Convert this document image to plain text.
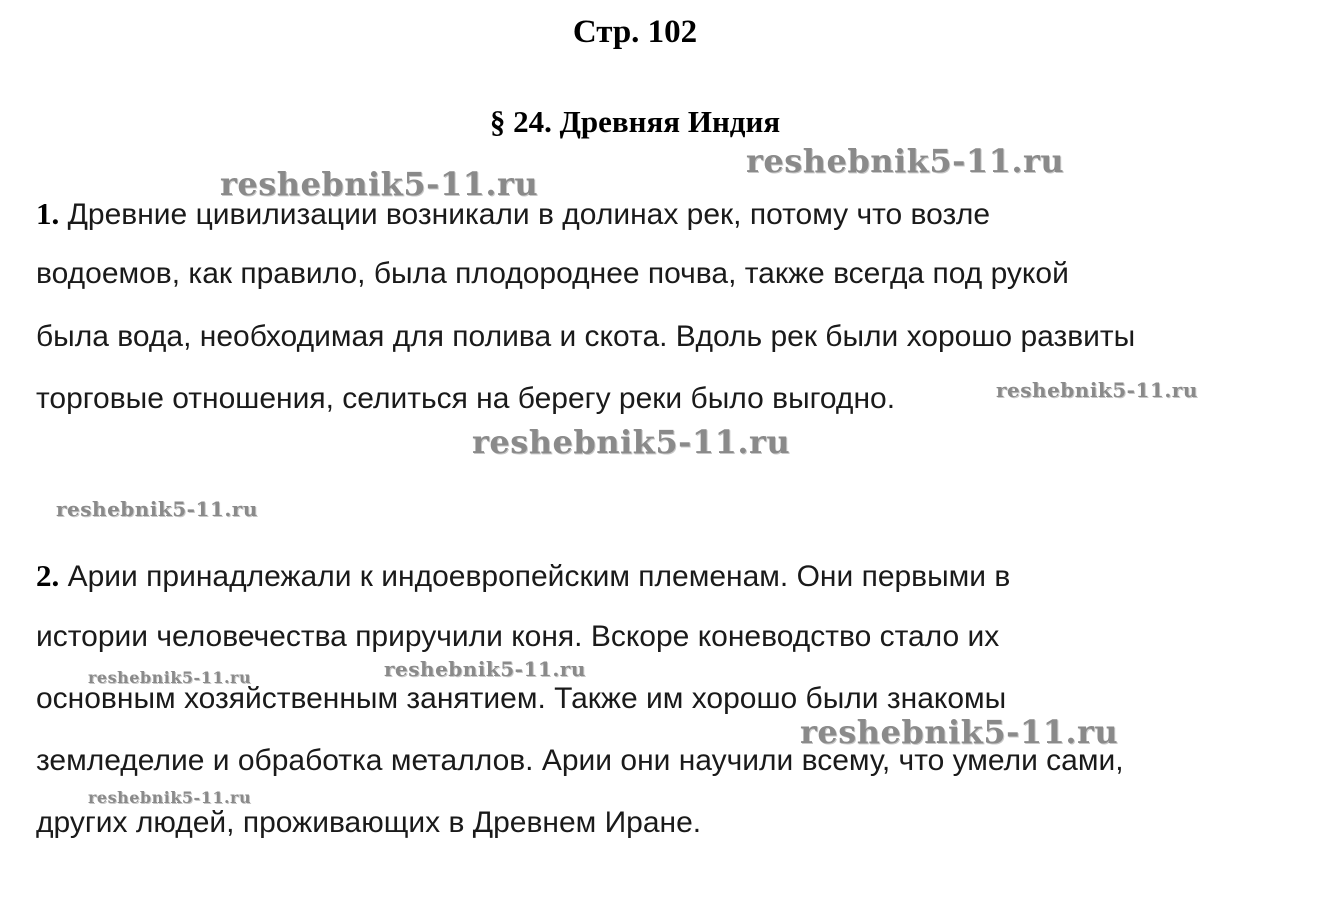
Стр. 102
§ 24. Древняя Индия
1. Древние цивилизации возникали в долинах рек, потому что возле
водоемов, как правило, была плодороднее почва, также всегда под рукой
была вода, необходимая для полива и скота. Вдоль рек были хорошо развиты
торговые отношения, селиться на берегу реки было выгодно.
2. Арии принадлежали к индоевропейским племенам. Они первыми в
истории человечества приручили коня. Вскоре коневодство стало их
основным хозяйственным занятием. Также им хорошо были знакомы
земледелие и обработка металлов. Арии они научили всему, что умели сами,
других людей, проживающих в Древнем Иране.
reshebnik5-11.ru
reshebnik5-11.ru
reshebnik5-11.ru
reshebnik5-11.ru
reshebnik5-11.ru
reshebnik5-11.ru	reshebnik5-11.ru
reshebnik5-11.ru
reshebnik5-11.ru
